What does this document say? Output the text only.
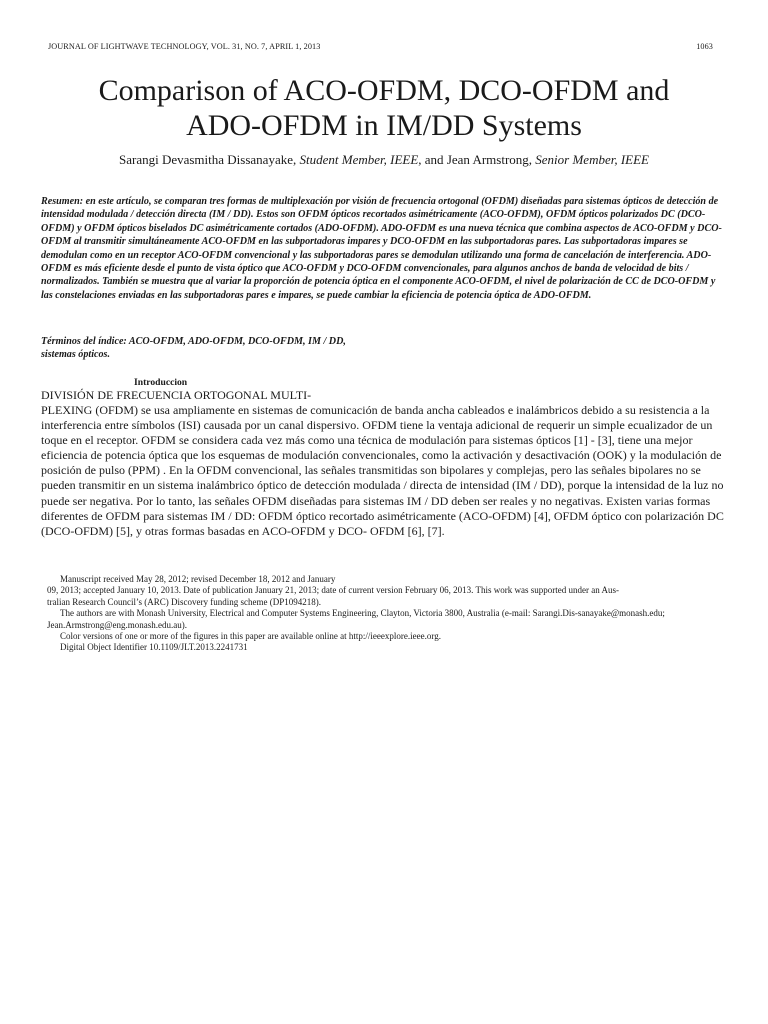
JOURNAL OF LIGHTWAVE TECHNOLOGY, VOL. 31, NO. 7, APRIL 1, 2013	1063
Comparison of ACO-OFDM, DCO-OFDM and
ADO-OFDM in IM/DD Systems
Sarangi Devasmitha Dissanayake, Student Member, IEEE, and Jean Armstrong, Senior Member, IEEE

Resumen: en este artículo, se comparan tres formas de multiplexación por visión de frecuencia ortogonal (OFDM) diseñadas para sistemas ópticos de detección de intensidad modulada / detección directa (IM / DD). Estos son OFDM ópticos recortados asimétricamente (ACO-OFDM), OFDM ópticos polarizados DC (DCO-OFDM) y OFDM ópticos biselados DC asimétricamente cortados (ADO-OFDM). ADO-OFDM es una nueva técnica que combina aspectos de ACO-OFDM y DCO-OFDM al transmitir simultáneamente ACO-OFDM en las subportadoras impares y DCO-OFDM en las subportadoras pares. Las subportadoras impares se demodulan como en un receptor ACO-OFDM convencional y las subportadoras pares se demodulan utilizando una forma de cancelación de interferencia. ADO-OFDM es más eficiente desde el punto de vista óptico que ACO-OFDM y DCO-OFDM convencionales, para algunos anchos de banda de velocidad de bits / normalizados. También se muestra que al variar la proporción de potencia óptica en el componente ACO-OFDM, el nivel de polarización de CC de DCO-OFDM y las constelaciones enviadas en las subportadoras pares e impares, se puede cambiar la eficiencia de potencia óptica de ADO-OFDM.

Términos del índice: ACO-OFDM, ADO-OFDM, DCO-OFDM, IM / DD, sistemas ópticos.

Introduccion

DIVISIÓN DE FRECUENCIA ORTOGONAL MULTI-

PLEXING (OFDM) se usa ampliamente en sistemas de comunicación de banda ancha cableados e inalámbricos debido a su resistencia a la interferencia entre símbolos (ISI) causada por un canal dispersivo. OFDM tiene la ventaja adicional de requerir un simple ecualizador de un toque en el receptor. OFDM se considera cada vez más como una técnica de modulación para sistemas ópticos [1] - [3], tiene una mejor eficiencia de potencia óptica que los esquemas de modulación convencionales, como la activación y desactivación (OOK) y la modulación de posición de pulso (PPM) . En la OFDM convencional, las señales transmitidas son bipolares y complejas, pero las señales bipolares no se pueden transmitir en un sistema inalámbrico óptico de detección modulada / directa de intensidad (IM / DD), porque la intensidad de la luz no puede ser negativa. Por lo tanto, las señales OFDM diseñadas para sistemas IM / DD deben ser reales y no negativas. Existen varias formas diferentes de OFDM para sistemas IM / DD: OFDM óptico recortado asimétricamente (ACO-OFDM) [4], OFDM óptico con polarización DC (DCO-OFDM) [5], y otras formas basadas en ACO-OFDM y DCO- OFDM [6], [7].

Manuscript received May 28, 2012; revised December 18, 2012 and January

09, 2013; accepted January 10, 2013. Date of publication January 21, 2013; date of current version February 06, 2013. This work was supported under an Aus-

tralian Research Council’s (ARC) Discovery funding scheme (DP1094218).

The authors are with Monash University, Electrical and Computer Systems Engineering, Clayton, Victoria 3800, Australia (e-mail: Sarangi.Dis-sanayake@monash.edu; Jean.Armstrong@eng.monash.edu.au).

Color versions of one or more of the figures in this paper are available online at http://ieeexplore.ieee.org.

Digital Object Identifier 10.1109/JLT.2013.2241731
